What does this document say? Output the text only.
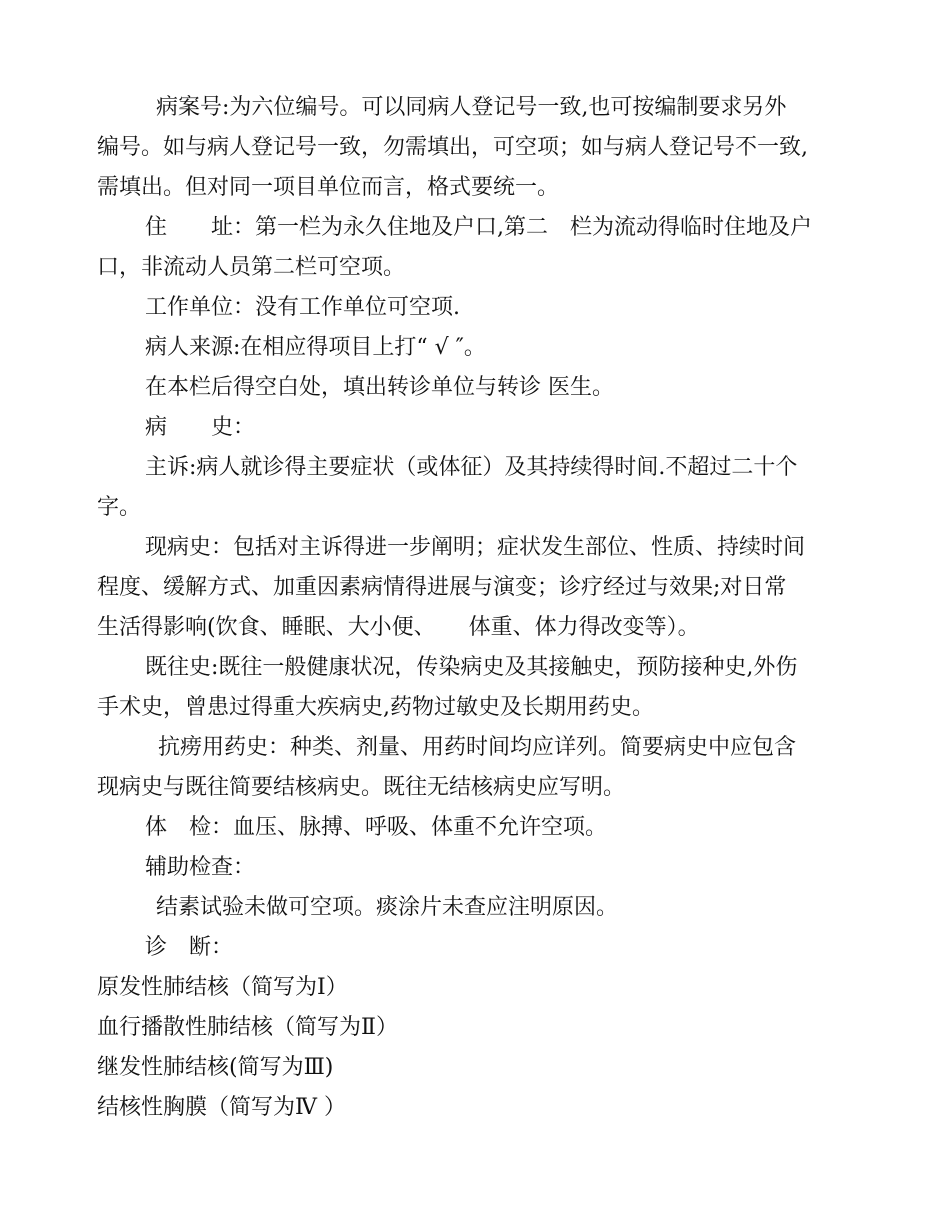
病案号:为六位编号。可以同病人登记号一致,也可按编制要求另外
编号。如与病人登记号一致，勿需填出，可空项；如与病人登记号不一致,
需填出。但对同一项目单位而言，格式要统一。
住　　址：第一栏为永久住地及户口,第二　栏为流动得临时住地及户
口，非流动人员第二栏可空项。
工作单位：没有工作单位可空项.
病人来源:在相应得项目上打“ √ ″。
在本栏后得空白处，填出转诊单位与转诊 医生。
病　　史：
主诉:病人就诊得主要症状（或体征）及其持续得时间.不超过二十个
字。
现病史：包括对主诉得进一步阐明；症状发生部位、性质、持续时间
程度、缓解方式、加重因素病情得进展与演变；诊疗经过与效果;对日常
生活得影响(饮食、睡眠、大小便、　　体重、体力得改变等）。
既往史:既往一般健康状况，传染病史及其接触史，预防接种史,外伤
手术史，曾患过得重大疾病史,药物过敏史及长期用药史。
抗痨用药史：种类、剂量、用药时间均应详列。简要病史中应包含
现病史与既往简要结核病史。既往无结核病史应写明。
体　检：血压、脉搏、呼吸、体重不允许空项。
辅助检查：
结素试验未做可空项。痰涂片未查应注明原因。
诊　断：
原发性肺结核（简写为Ⅰ）
血行播散性肺结核（简写为Ⅱ）
继发性肺结核(简写为Ⅲ)
结核性胸膜（简写为Ⅳ ）
